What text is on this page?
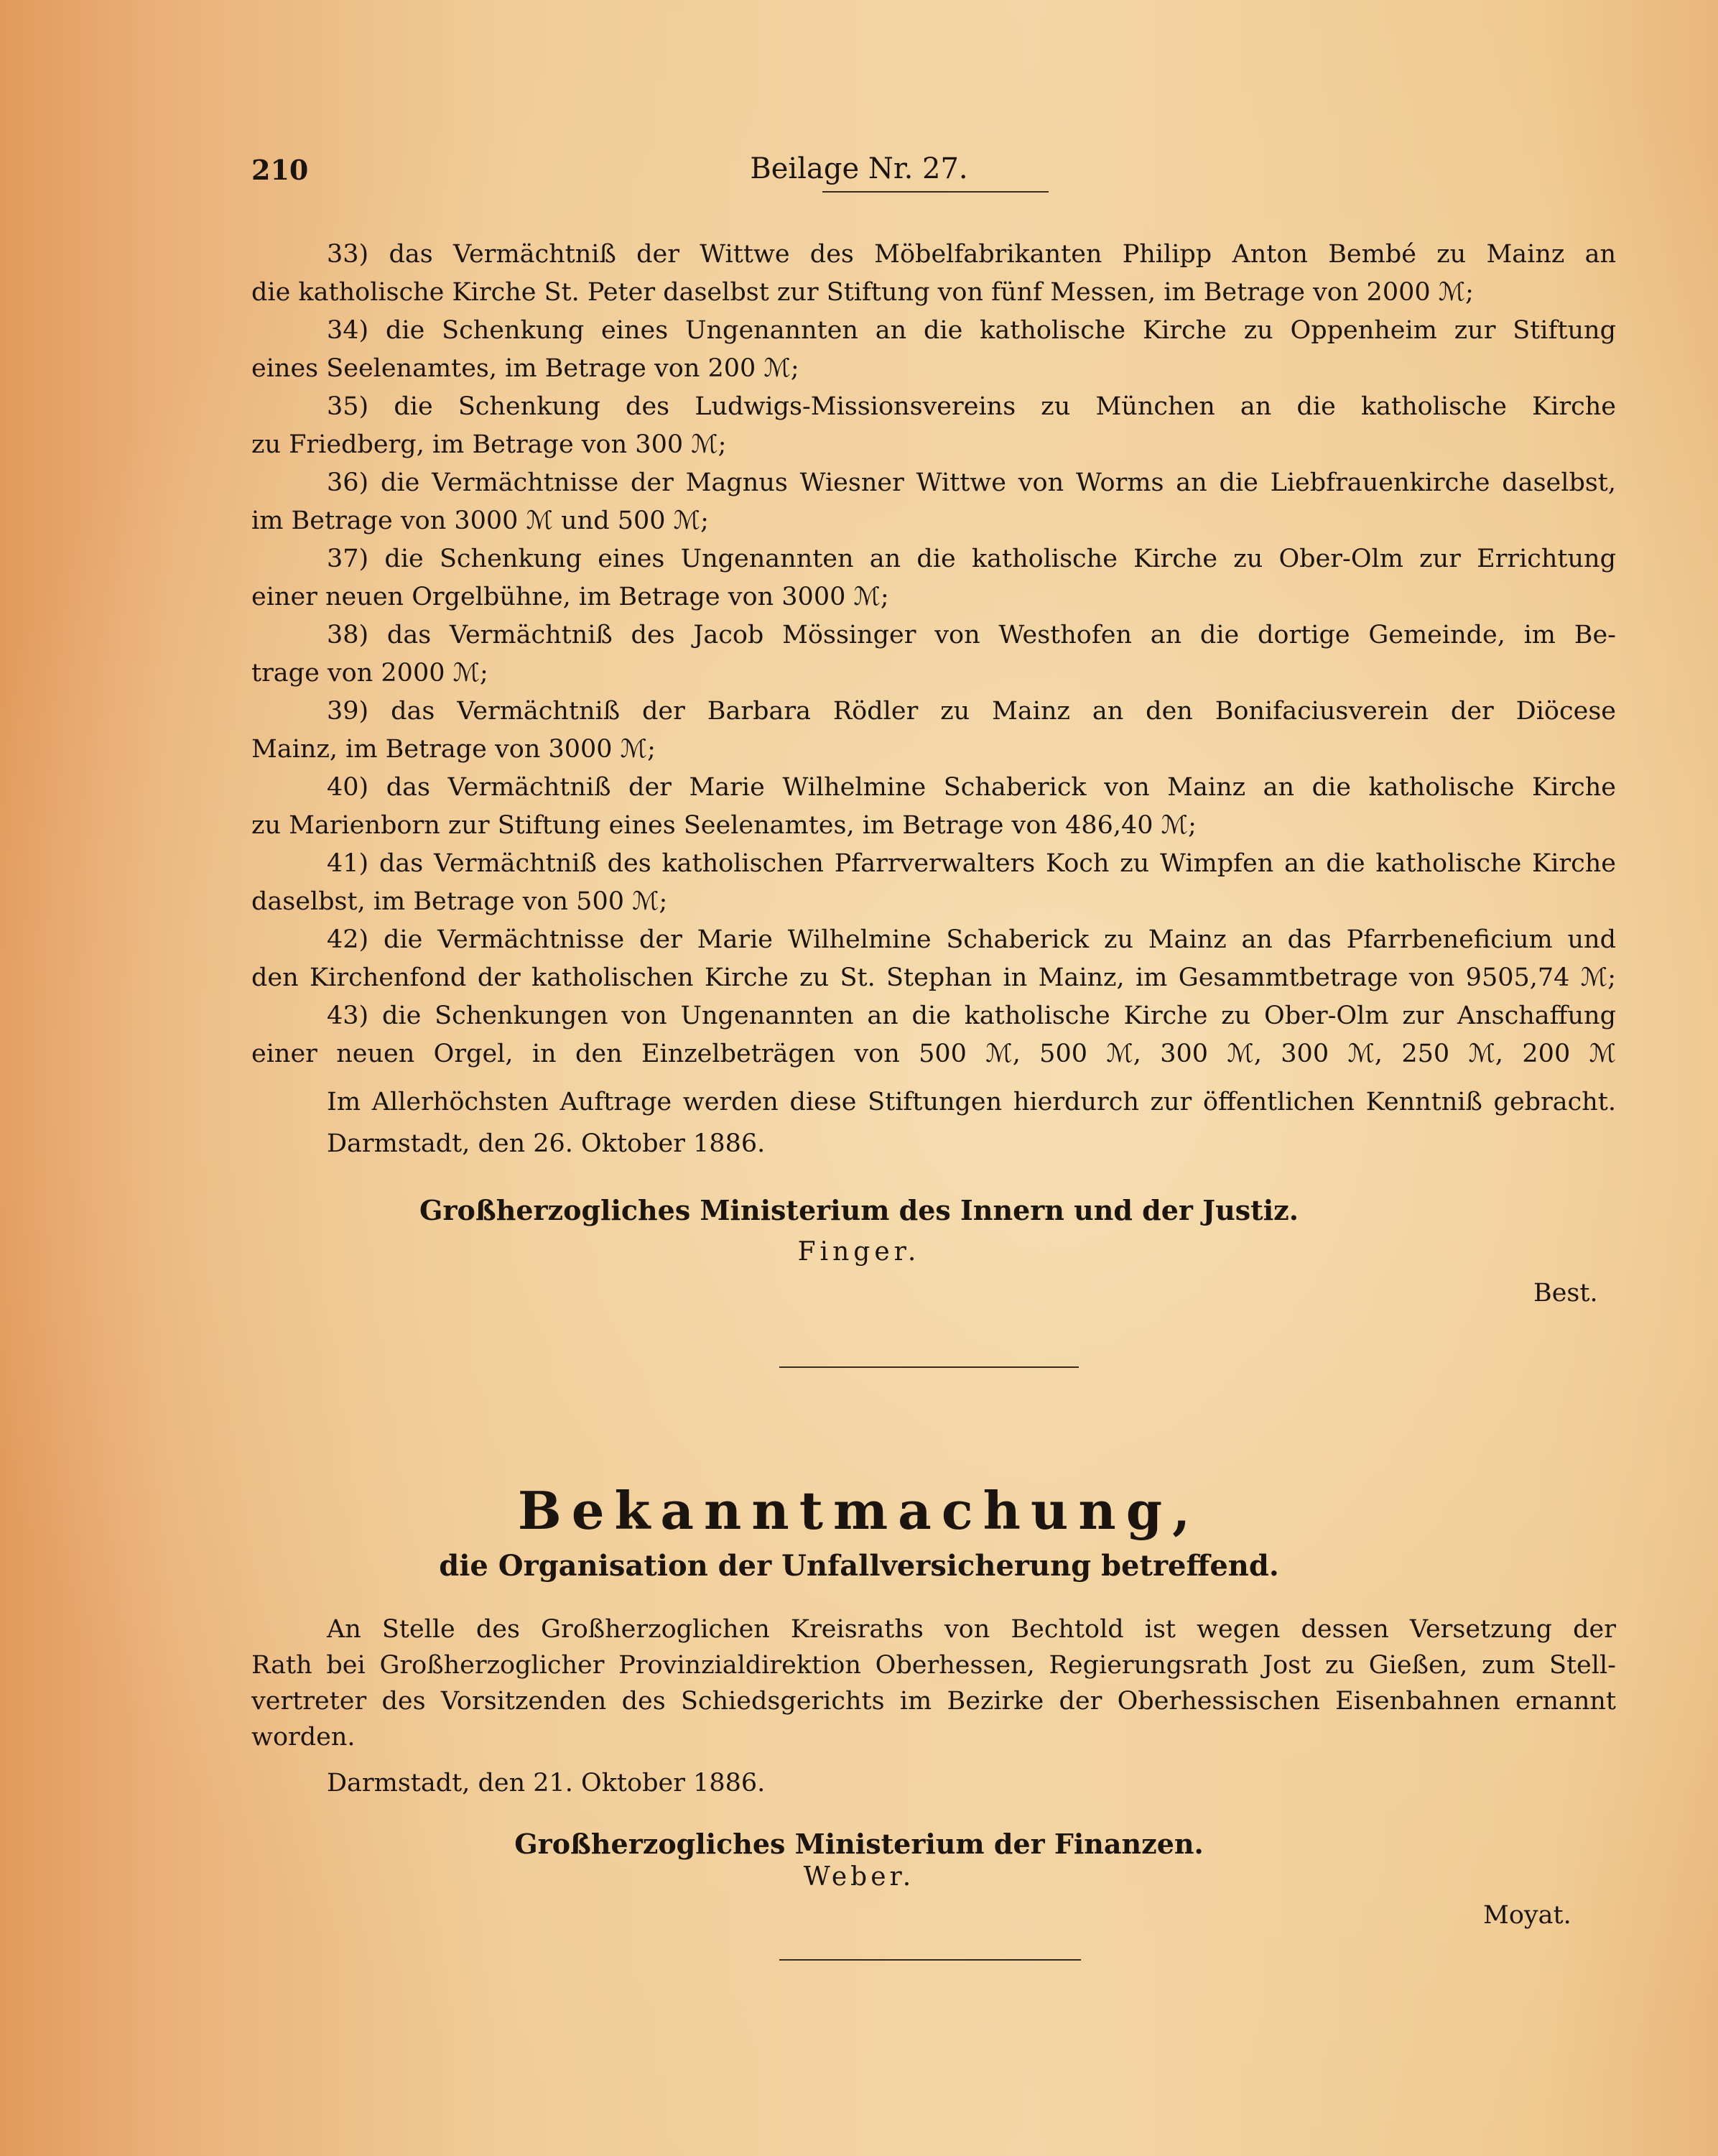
210	Beilage Nr. 27.
33) das Vermächtniß der Wittwe des Möbelfabrikanten Philipp Anton Bembé zu Mainz an
die katholische Kirche St. Peter daselbst zur Stiftung von fünf Messen, im Betrage von 2000 ℳ;
34) die Schenkung eines Ungenannten an die katholische Kirche zu Oppenheim zur Stiftung
eines Seelenamtes, im Betrage von 200 ℳ;
35) die Schenkung des Ludwigs-Missionsvereins zu München an die katholische Kirche
zu Friedberg, im Betrage von 300 ℳ;
36) die Vermächtnisse der Magnus Wiesner Wittwe von Worms an die Liebfrauenkirche daselbst,
im Betrage von 3000 ℳ und 500 ℳ;
37) die Schenkung eines Ungenannten an die katholische Kirche zu Ober-Olm zur Errichtung
einer neuen Orgelbühne, im Betrage von 3000 ℳ;
38) das Vermächtniß des Jacob Mössinger von Westhofen an die dortige Gemeinde, im Be-
trage von 2000 ℳ;
39) das Vermächtniß der Barbara Rödler zu Mainz an den Bonifaciusverein der Diöcese
Mainz, im Betrage von 3000 ℳ;
40) das Vermächtniß der Marie Wilhelmine Schaberick von Mainz an die katholische Kirche
zu Marienborn zur Stiftung eines Seelenamtes, im Betrage von 486,40 ℳ;
41) das Vermächtniß des katholischen Pfarrverwalters Koch zu Wimpfen an die katholische Kirche
daselbst, im Betrage von 500 ℳ;
42) die Vermächtnisse der Marie Wilhelmine Schaberick zu Mainz an das Pfarrbeneficium und
den Kirchenfond der katholischen Kirche zu St. Stephan in Mainz, im Gesammtbetrage von 9505,74 ℳ;
43) die Schenkungen von Ungenannten an die katholische Kirche zu Ober-Olm zur Anschaffung
einer neuen Orgel, in den Einzelbeträgen von 500 ℳ, 500 ℳ, 300 ℳ, 300 ℳ, 250 ℳ, 200 ℳ
Im Allerhöchsten Auftrage werden diese Stiftungen hierdurch zur öffentlichen Kenntniß gebracht.
Darmstadt, den 26. Oktober 1886.
Großherzogliches Ministerium des Innern und der Justiz.
Finger.
Best.
Bekanntmachung,
die Organisation der Unfallversicherung betreffend.
An Stelle des Großherzoglichen Kreisraths von Bechtold ist wegen dessen Versetzung der
Rath bei Großherzoglicher Provinzialdirektion Oberhessen, Regierungsrath Jost zu Gießen, zum Stell-
vertreter des Vorsitzenden des Schiedsgerichts im Bezirke der Oberhessischen Eisenbahnen ernannt
worden.
Darmstadt, den 21. Oktober 1886.
Großherzogliches Ministerium der Finanzen.
Weber.
Moyat.
